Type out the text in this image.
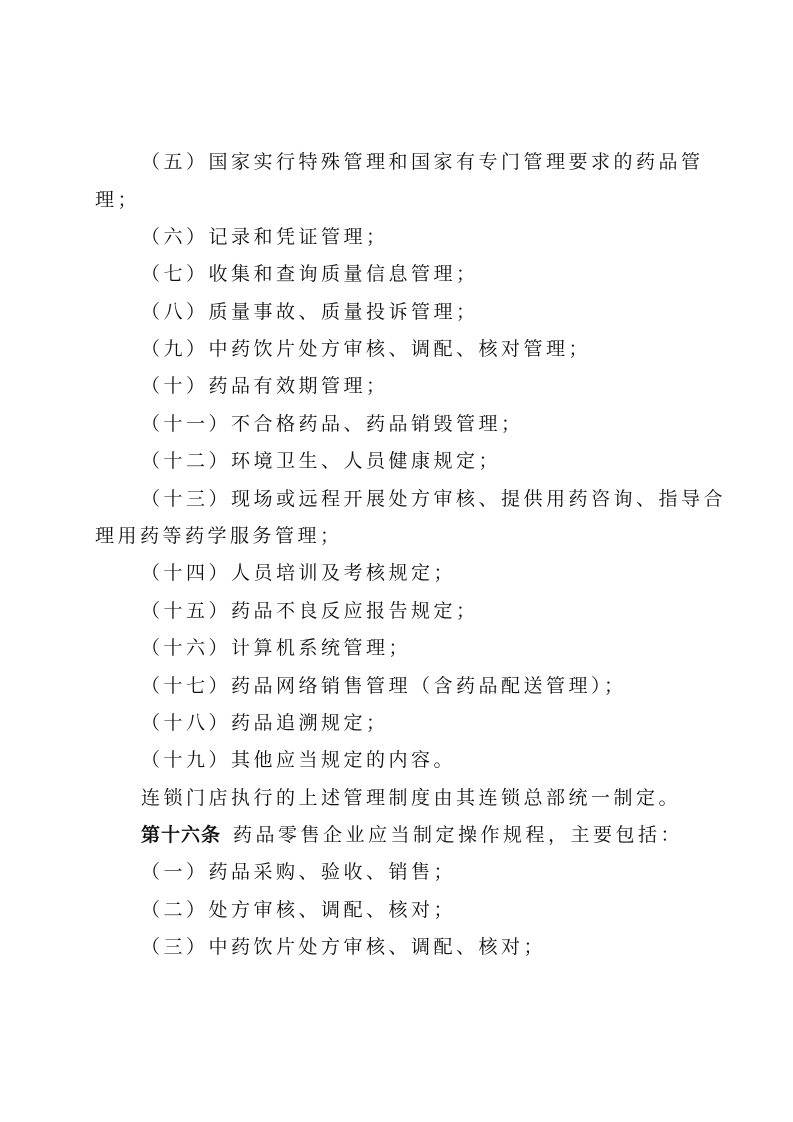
（五）国家实行特殊管理和国家有专门管理要求的药品管
理；
（六）记录和凭证管理；
（七）收集和查询质量信息管理；
（八）质量事故、质量投诉管理；
（九）中药饮片处方审核、调配、核对管理；
（十）药品有效期管理；
（十一）不合格药品、药品销毁管理；
（十二）环境卫生、人员健康规定；
（十三）现场或远程开展处方审核、提供用药咨询、指导合
理用药等药学服务管理；
（十四）人员培训及考核规定；
（十五）药品不良反应报告规定；
（十六）计算机系统管理；
（十七）药品网络销售管理（含药品配送管理）；
（十八）药品追溯规定；
（十九）其他应当规定的内容。
连锁门店执行的上述管理制度由其连锁总部统一制定。
第十六条 药品零售企业应当制定操作规程，主要包括：
（一）药品采购、验收、销售；
（二）处方审核、调配、核对；
（三）中药饮片处方审核、调配、核对；
